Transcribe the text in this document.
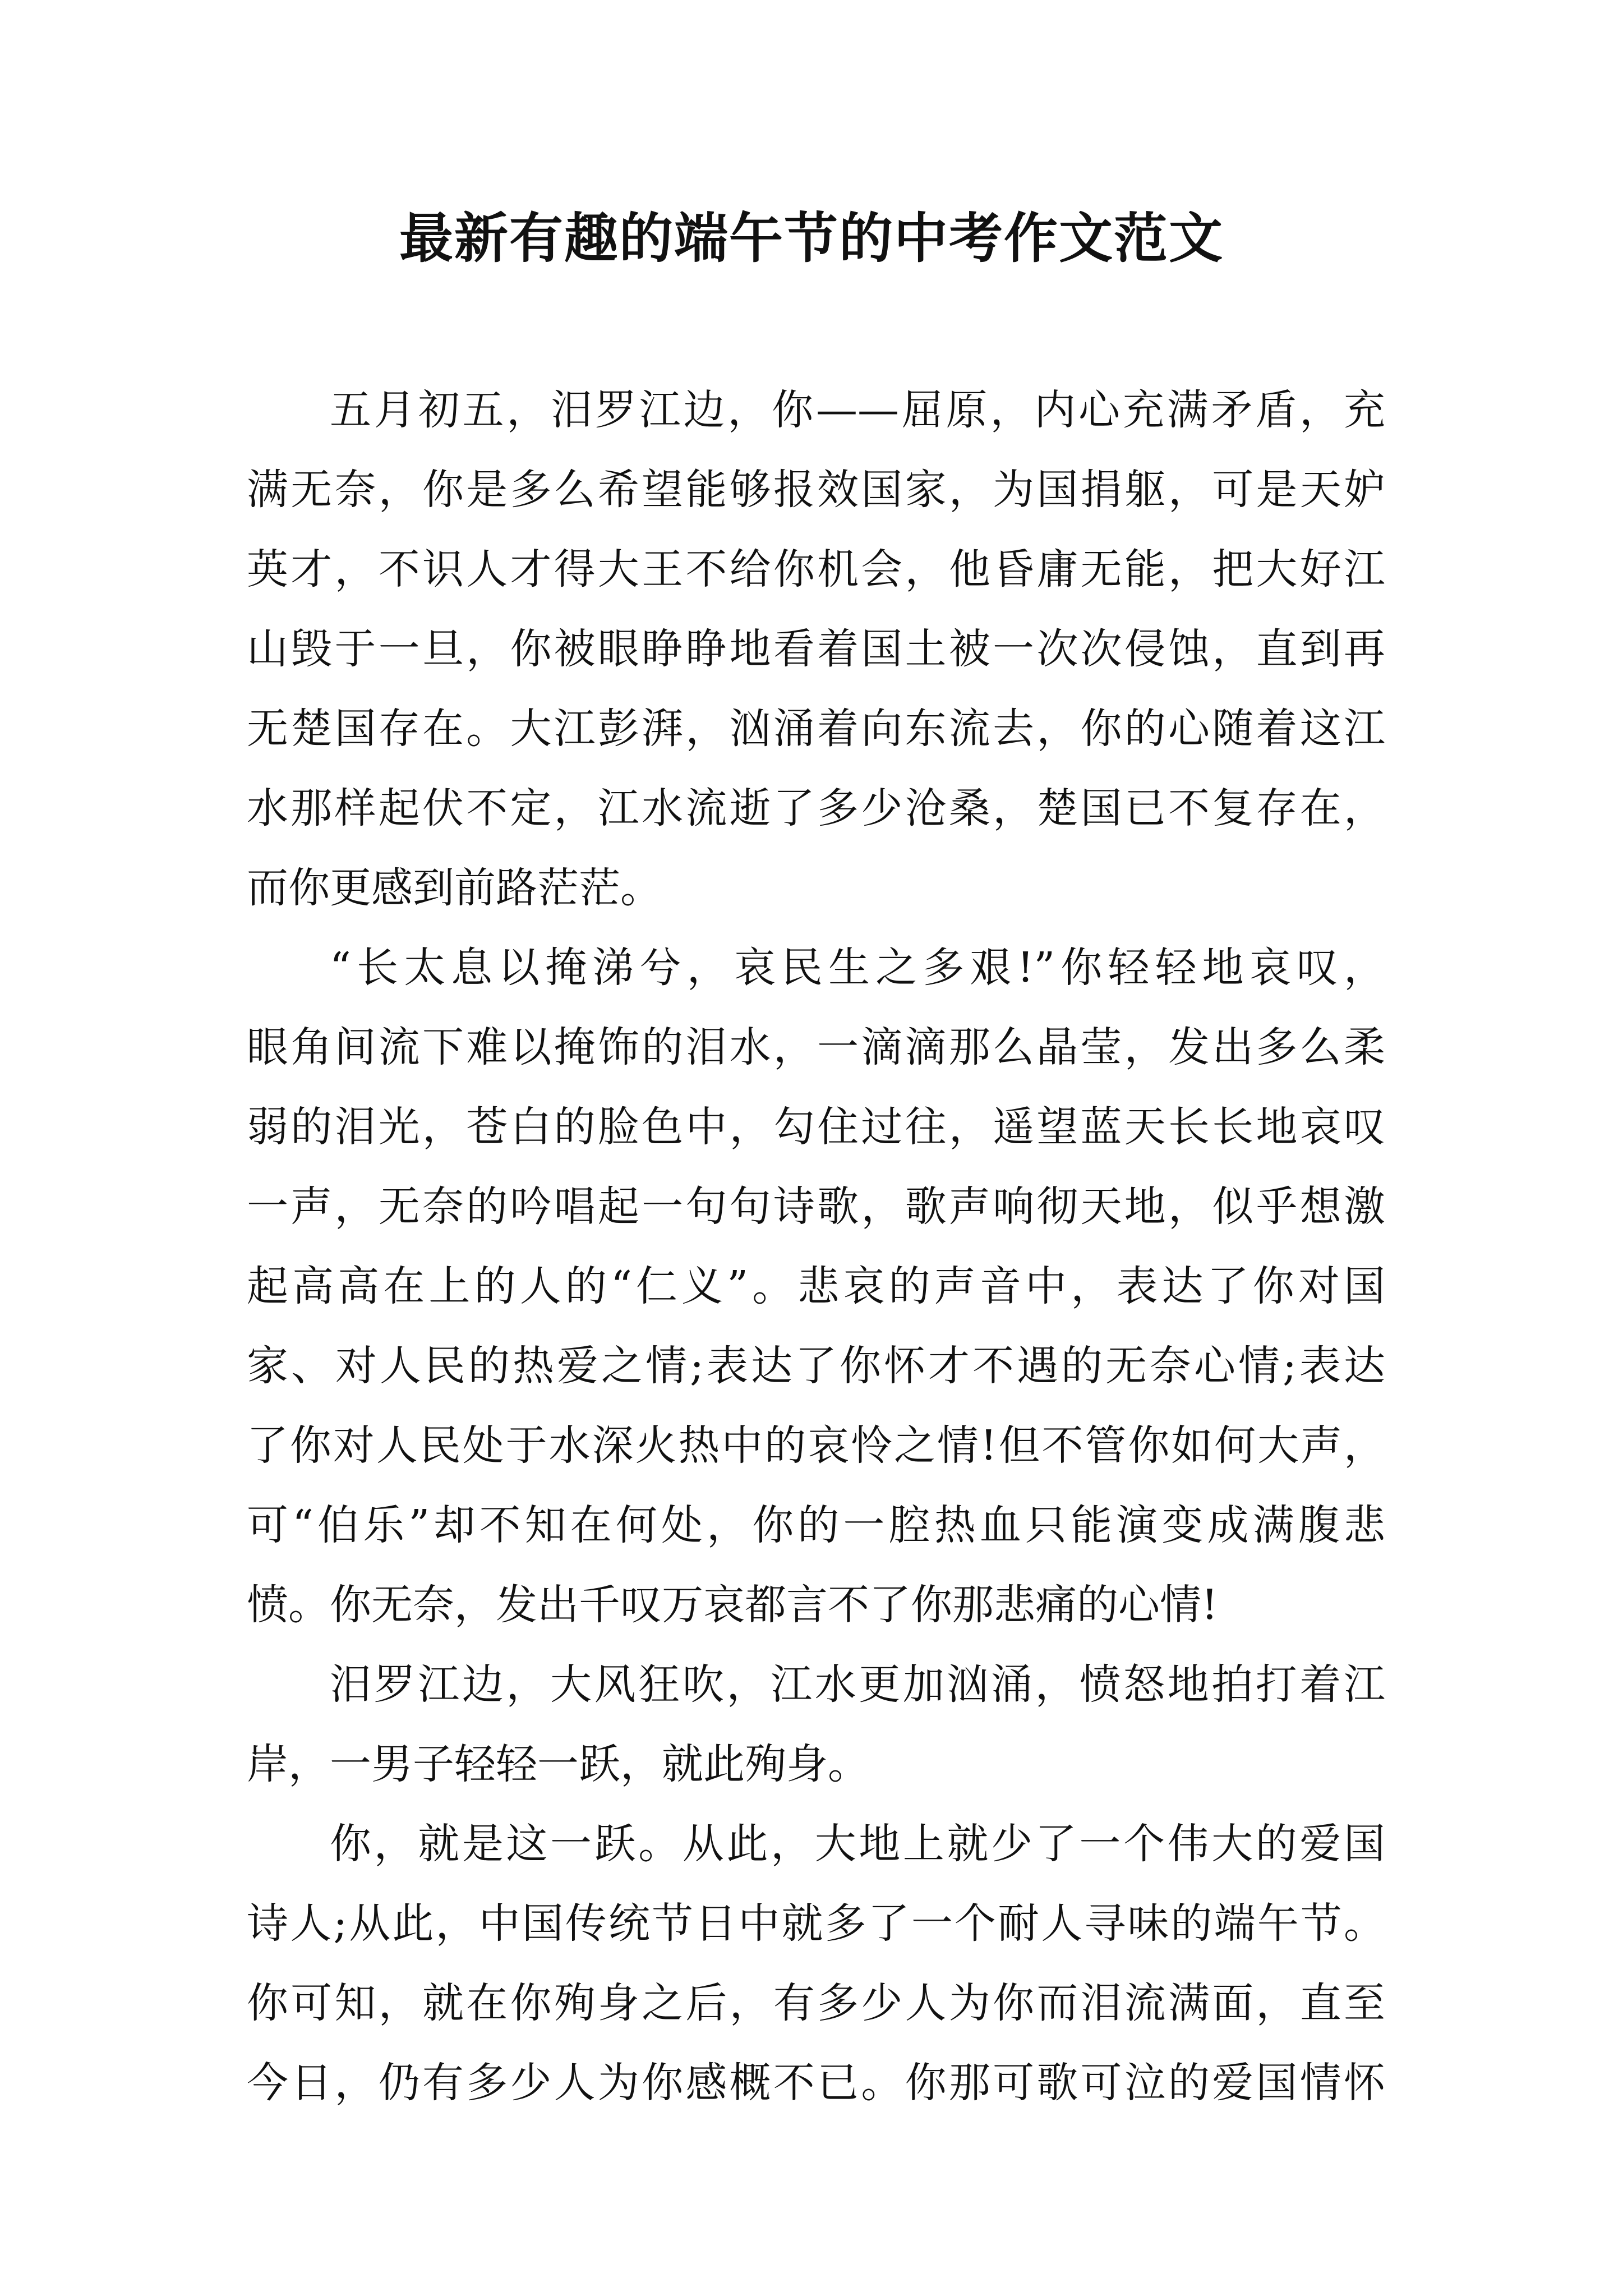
最新有趣的端午节的中考作文范文
五月初五，汨罗江边，你——屈原，内心充满矛盾，充
满无奈，你是多么希望能够报效国家，为国捐躯，可是天妒
英才，不识人才得大王不给你机会，他昏庸无能，把大好江
山毁于一旦，你被眼睁睁地看着国土被一次次侵蚀，直到再
无楚国存在。大江彭湃，汹涌着向东流去，你的心随着这江
水那样起伏不定，江水流逝了多少沧桑，楚国已不复存在，
而你更感到前路茫茫。
“长太息以掩涕兮，哀民生之多艰!”你轻轻地哀叹，
眼角间流下难以掩饰的泪水，一滴滴那么晶莹，发出多么柔
弱的泪光，苍白的脸色中，勾住过往，遥望蓝天长长地哀叹
一声，无奈的吟唱起一句句诗歌，歌声响彻天地，似乎想激
起高高在上的人的“仁义”。悲哀的声音中，表达了你对国
家、对人民的热爱之情;表达了你怀才不遇的无奈心情;表达
了你对人民处于水深火热中的哀怜之情!但不管你如何大声，
可“伯乐”却不知在何处，你的一腔热血只能演变成满腹悲
愤。你无奈，发出千叹万哀都言不了你那悲痛的心情!
汨罗江边，大风狂吹，江水更加汹涌，愤怒地拍打着江
岸，一男子轻轻一跃，就此殉身。
你，就是这一跃。从此，大地上就少了一个伟大的爱国
诗人;从此，中国传统节日中就多了一个耐人寻味的端午节。
你可知，就在你殉身之后，有多少人为你而泪流满面，直至
今日，仍有多少人为你感概不已。你那可歌可泣的爱国情怀
